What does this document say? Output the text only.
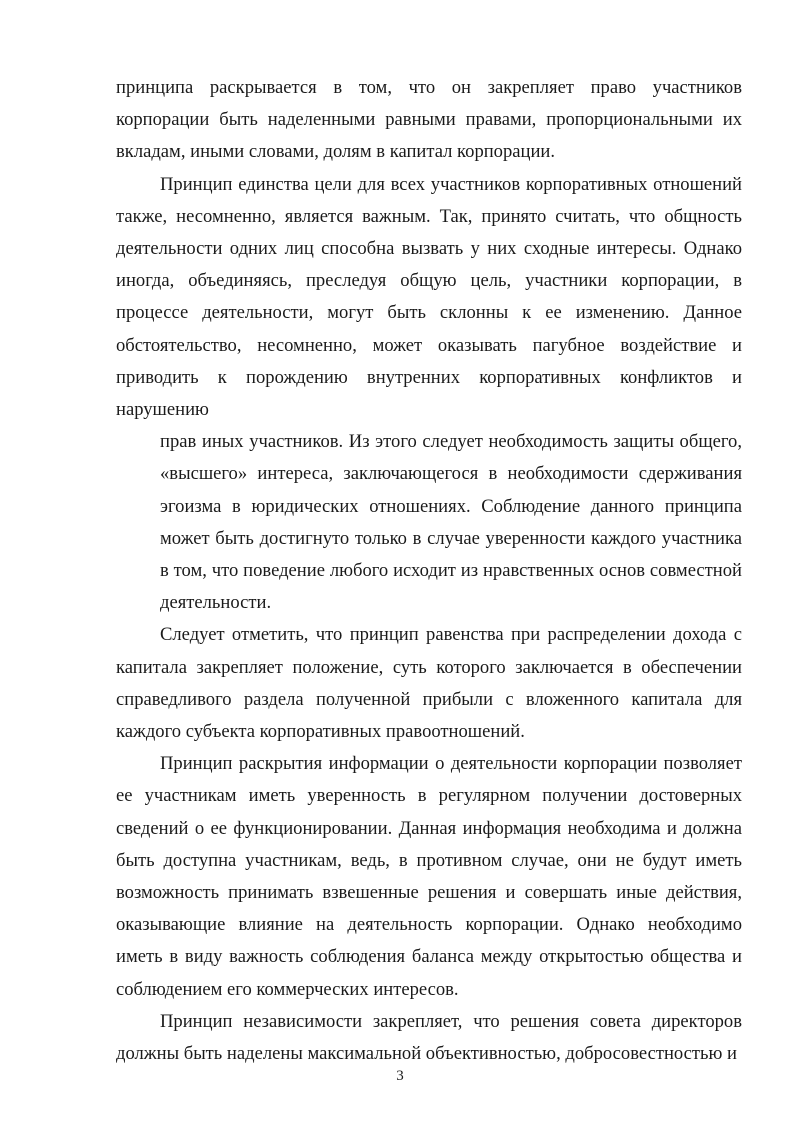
принципа раскрывается в том, что он закрепляет право участников корпорации быть наделенными равными правами, пропорциональными их вкладам, иными словами, долям в капитал корпорации.

Принцип единства цели для всех участников корпоративных отношений также, несомненно, является важным. Так, принято считать, что общность деятельности одних лиц способна вызвать у них сходные интересы. Однако иногда, объединяясь, преследуя общую цель, участники корпорации, в процессе деятельности, могут быть склонны к ее изменению. Данное обстоятельство, несомненно, может оказывать пагубное воздействие и приводить к порождению внутренних корпоративных конфликтов и нарушению

прав иных участников. Из этого следует необходимость защиты общего, «высшего» интереса, заключающегося в необходимости сдерживания эгоизма в юридических отношениях. Соблюдение данного принципа может быть достигнуто только в случае уверенности каждого участника в том, что поведение любого исходит из нравственных основ совместной деятельности.

Следует отметить, что принцип равенства при распределении дохода с капитала закрепляет положение, суть которого заключается в обеспечении справедливого раздела полученной прибыли с вложенного капитала для каждого субъекта корпоративных правоотношений.

Принцип раскрытия информации о деятельности корпорации позволяет ее участникам иметь уверенность в регулярном получении достоверных сведений о ее функционировании. Данная информация необходима и должна быть доступна участникам, ведь, в противном случае, они не будут иметь возможность принимать взвешенные решения и совершать иные действия, оказывающие влияние на деятельность корпорации. Однако необходимо иметь в виду важность соблюдения баланса между открытостью общества и соблюдением его коммерческих интересов.

Принцип независимости закрепляет, что решения совета директоров должны быть наделены максимальной объективностью, добросовестностью и

3
